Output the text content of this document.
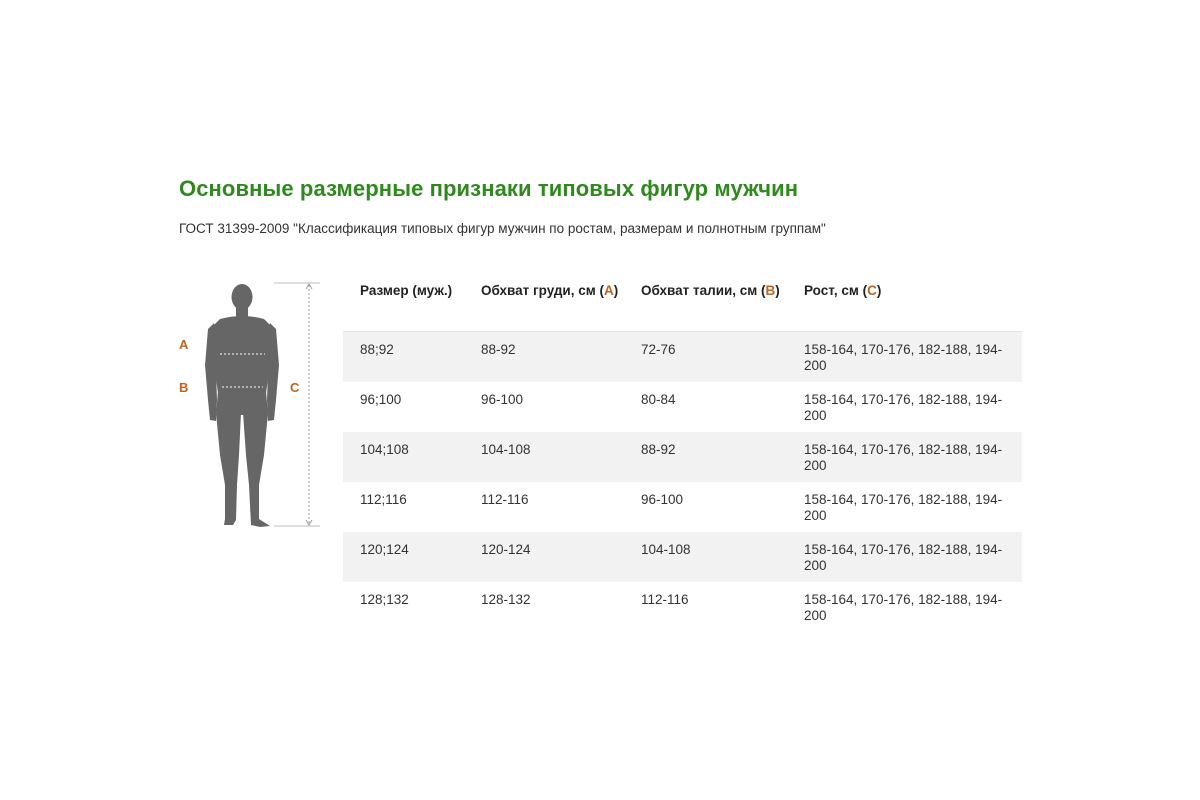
Основные размерные признаки типовых фигур мужчин
ГОСТ 31399-2009 "Классификация типовых фигур мужчин по ростам, размерам и полнотным группам"
A
B	C
Размер (муж.)	Обхват груди, см (A)	Обхват талии, см (B)	Рост, см (C)
88;92	88-92	72-76	158-164, 170-176, 182-188, 194-200
96;100	96-100	80-84	158-164, 170-176, 182-188, 194-200
104;108	104-108	88-92	158-164, 170-176, 182-188, 194-200
112;116	112-116	96-100	158-164, 170-176, 182-188, 194-200
120;124	120-124	104-108	158-164, 170-176, 182-188, 194-200
128;132	128-132	112-116	158-164, 170-176, 182-188, 194-200
